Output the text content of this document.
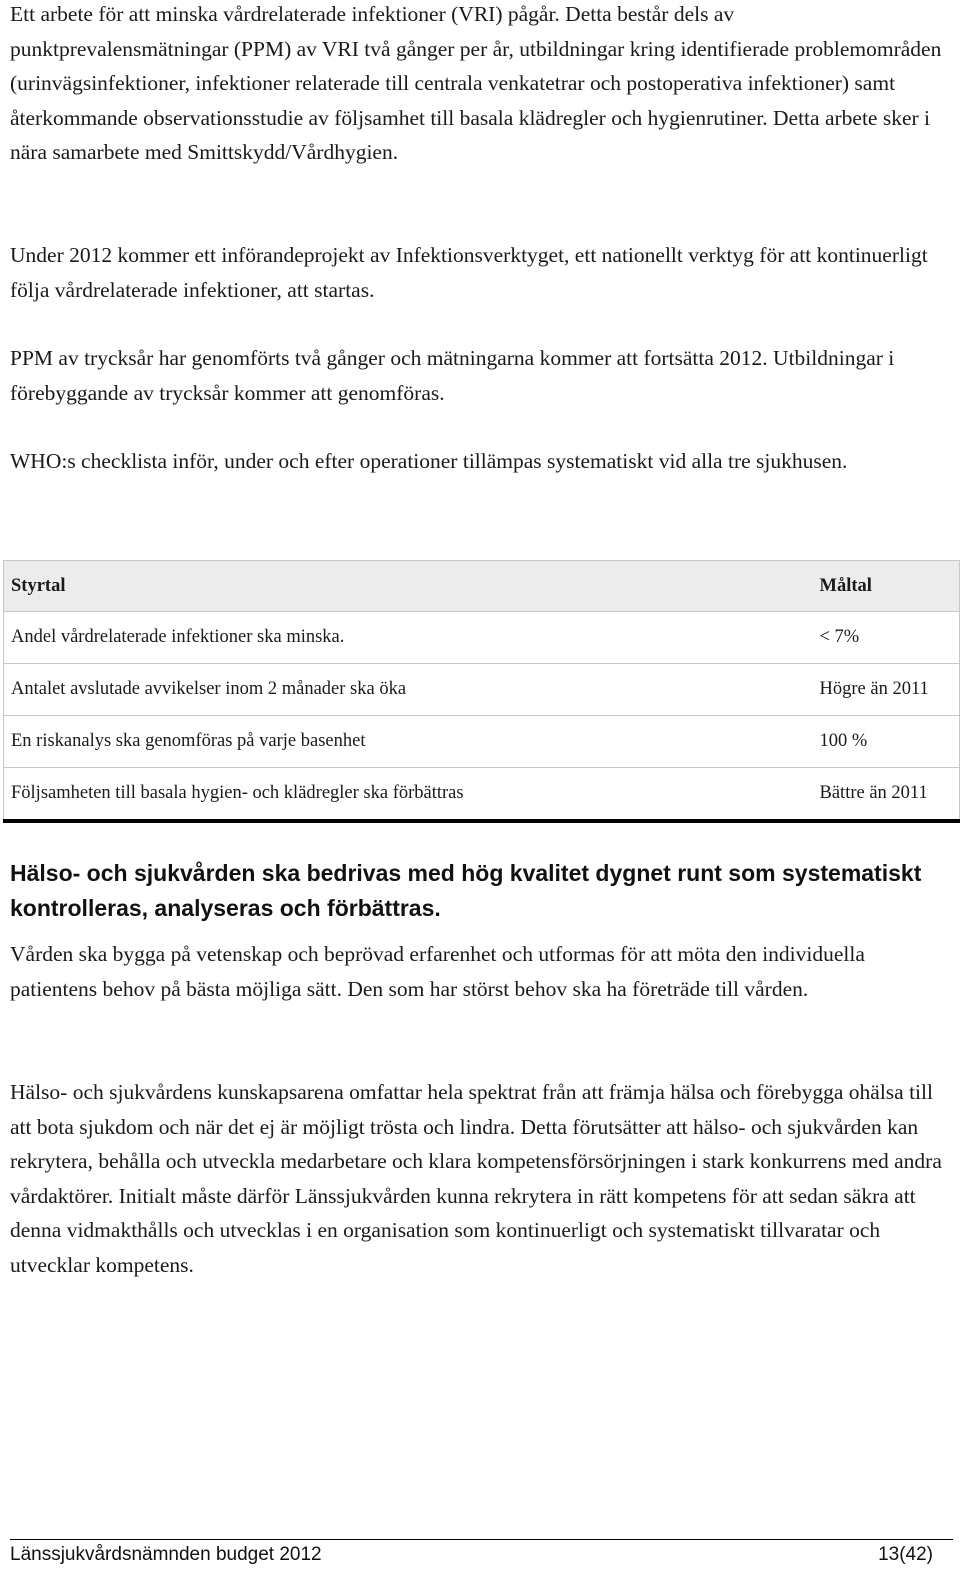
Ett arbete för att minska vårdrelaterade infektioner (VRI) pågår. Detta består dels av punktprevalensmätningar (PPM) av VRI två gånger per år, utbildningar kring identifierade problemområden (urinvägsinfektioner, infektioner relaterade till centrala venkatetrar och postoperativa infektioner) samt återkommande observationsstudie av följsamhet till basala klädregler och hygienrutiner. Detta arbete sker i nära samarbete med Smittskydd/Vårdhygien.

Under 2012 kommer ett införandeprojekt av Infektionsverktyget, ett nationellt verktyg för att kontinuerligt följa vårdrelaterade infektioner, att startas.

PPM av trycksår har genomförts två gånger och mätningarna kommer att fortsätta 2012. Utbildningar i förebyggande av trycksår kommer att genomföras.

WHO:s checklista inför, under och efter operationer tillämpas systematiskt vid alla tre sjukhusen.

Styrtal	Måltal
Andel vårdrelaterade infektioner ska minska.	< 7%
Antalet avslutade avvikelser inom 2 månader ska öka	Högre än 2011
En riskanalys ska genomföras på varje basenhet	100 %
Följsamheten till basala hygien- och klädregler ska förbättras	Bättre än 2011
Hälso- och sjukvården ska bedrivas med hög kvalitet dygnet runt som systematiskt kontrolleras, analyseras och förbättras.

Vården ska bygga på vetenskap och beprövad erfarenhet och utformas för att möta den individuella patientens behov på bästa möjliga sätt. Den som har störst behov ska ha företräde till vården.

Hälso- och sjukvårdens kunskapsarena omfattar hela spektrat från att främja hälsa och förebygga ohälsa till att bota sjukdom och när det ej är möjligt trösta och lindra. Detta förutsätter att hälso- och sjukvården kan rekrytera, behålla och utveckla medarbetare och klara kompetensförsörjningen i stark konkurrens med andra vårdaktörer. Initialt måste därför Länssjukvården kunna rekrytera in rätt kompetens för att sedan säkra att denna vidmakthålls och utvecklas i en organisation som kontinuerligt och systematiskt tillvaratar och utvecklar kompetens.

Länssjukvårdsnämnden budget 2012	13(42)
